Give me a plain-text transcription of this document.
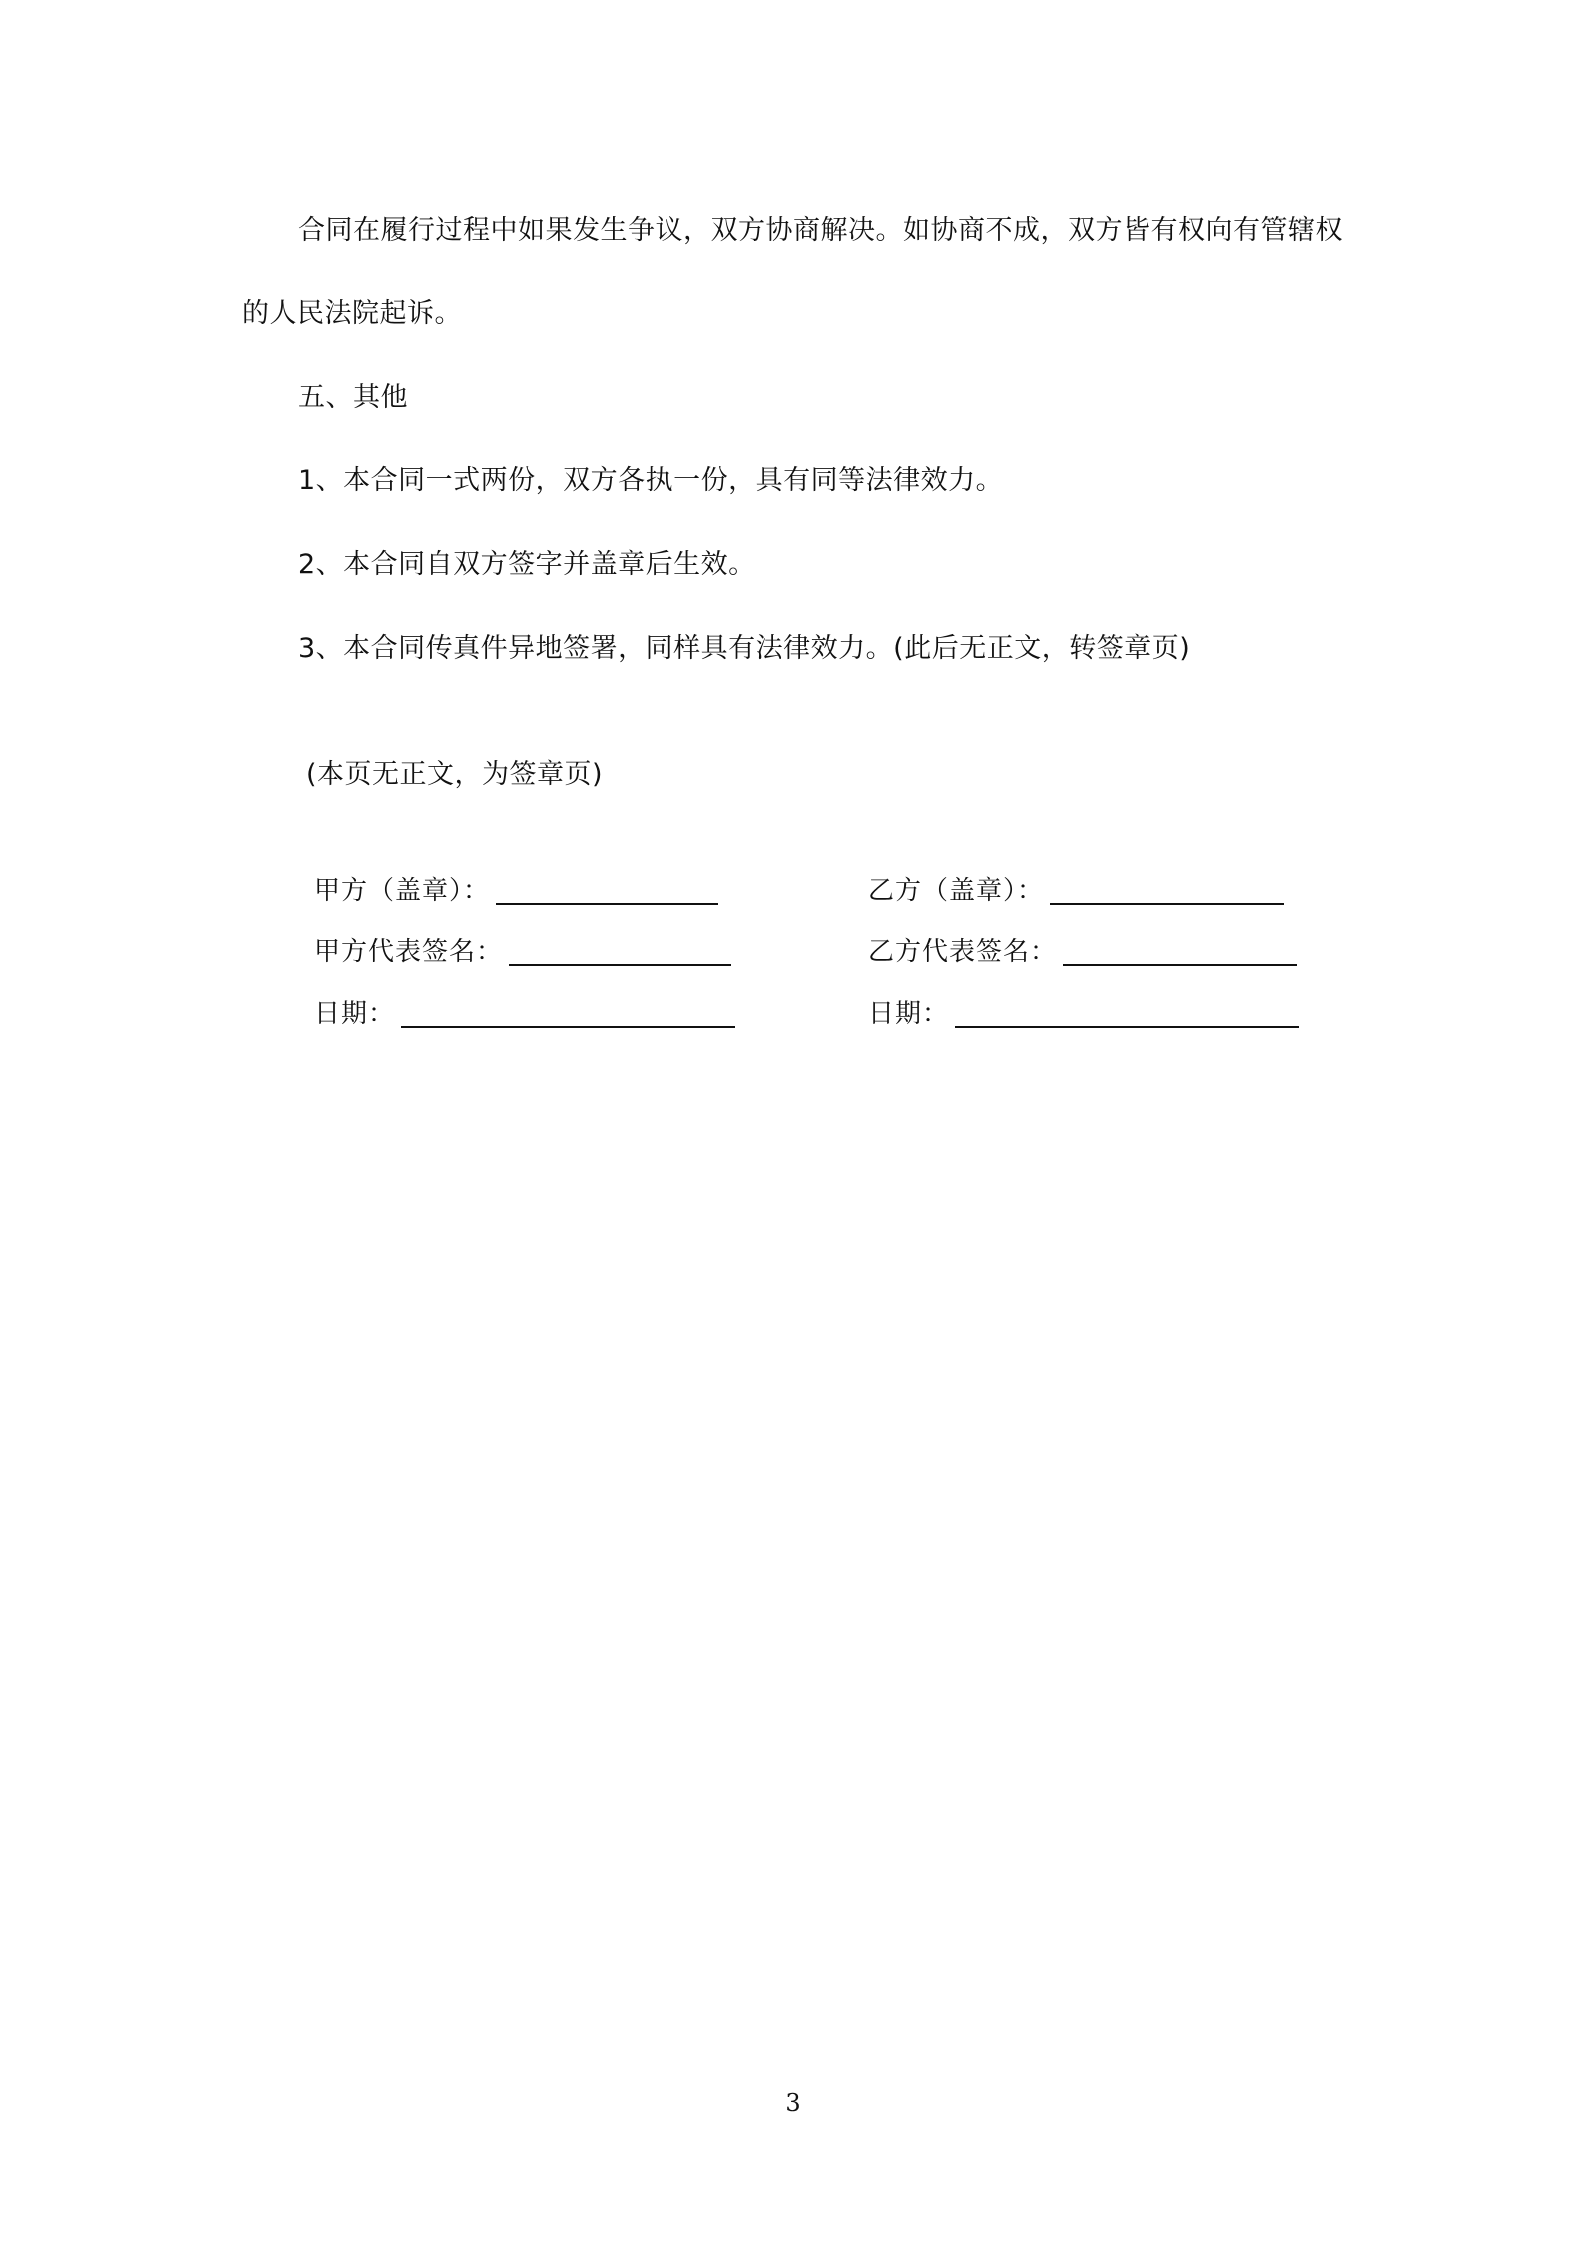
合同在履行过程中如果发生争议，双方协商解决。如协商不成，双方皆有权向有管辖权
的人民法院起诉。
五、其他
1、本合同一式两份，双方各执一份，具有同等法律效力。
2、本合同自双方签字并盖章后生效。
3、本合同传真件异地签署，同样具有法律效力。(此后无正文，转签章页)
(本页无正文，为签章页)
甲方（盖章）：
甲方代表签名：
日期：
乙方（盖章）：
乙方代表签名：
日期：
3
